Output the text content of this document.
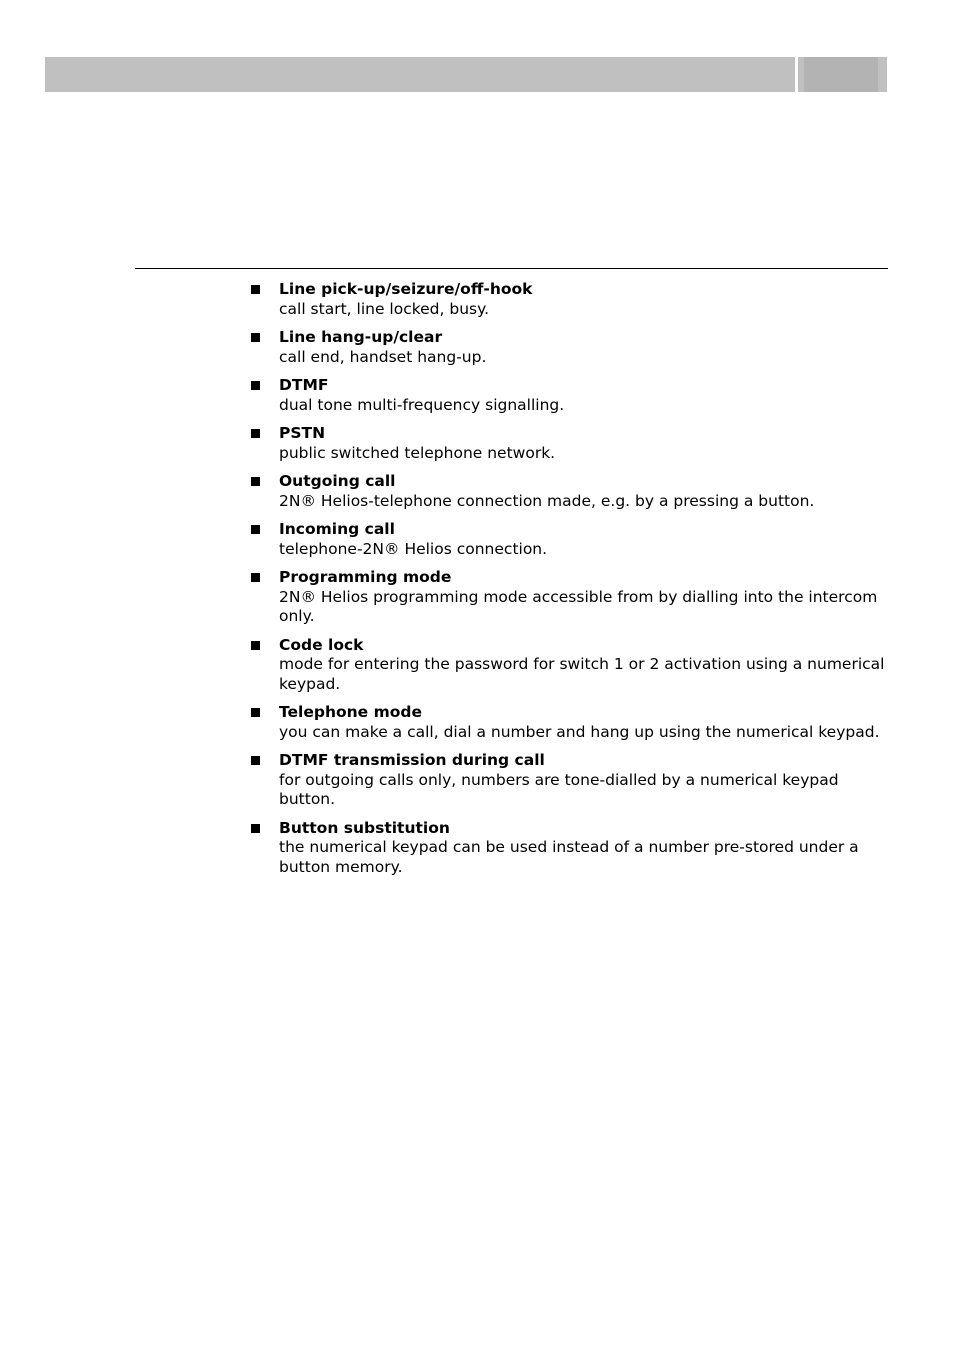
Line pick-up/seizure/off-hook
call start, line locked, busy.
Line hang-up/clear
call end, handset hang-up.
DTMF
dual tone multi-frequency signalling.
PSTN
public switched telephone network.
Outgoing call
2N® Helios-telephone connection made, e.g. by a pressing a button.
Incoming call
telephone-2N® Helios connection.
Programming mode
2N® Helios programming mode accessible from by dialling into the intercom only.
Code lock
mode for entering the password for switch 1 or 2 activation using a numerical keypad.
Telephone mode
you can make a call, dial a number and hang up using the numerical keypad.
DTMF transmission during call
for outgoing calls only, numbers are tone-dialled by a numerical keypad button.
Button substitution
the numerical keypad can be used instead of a number pre-stored under a button memory.
